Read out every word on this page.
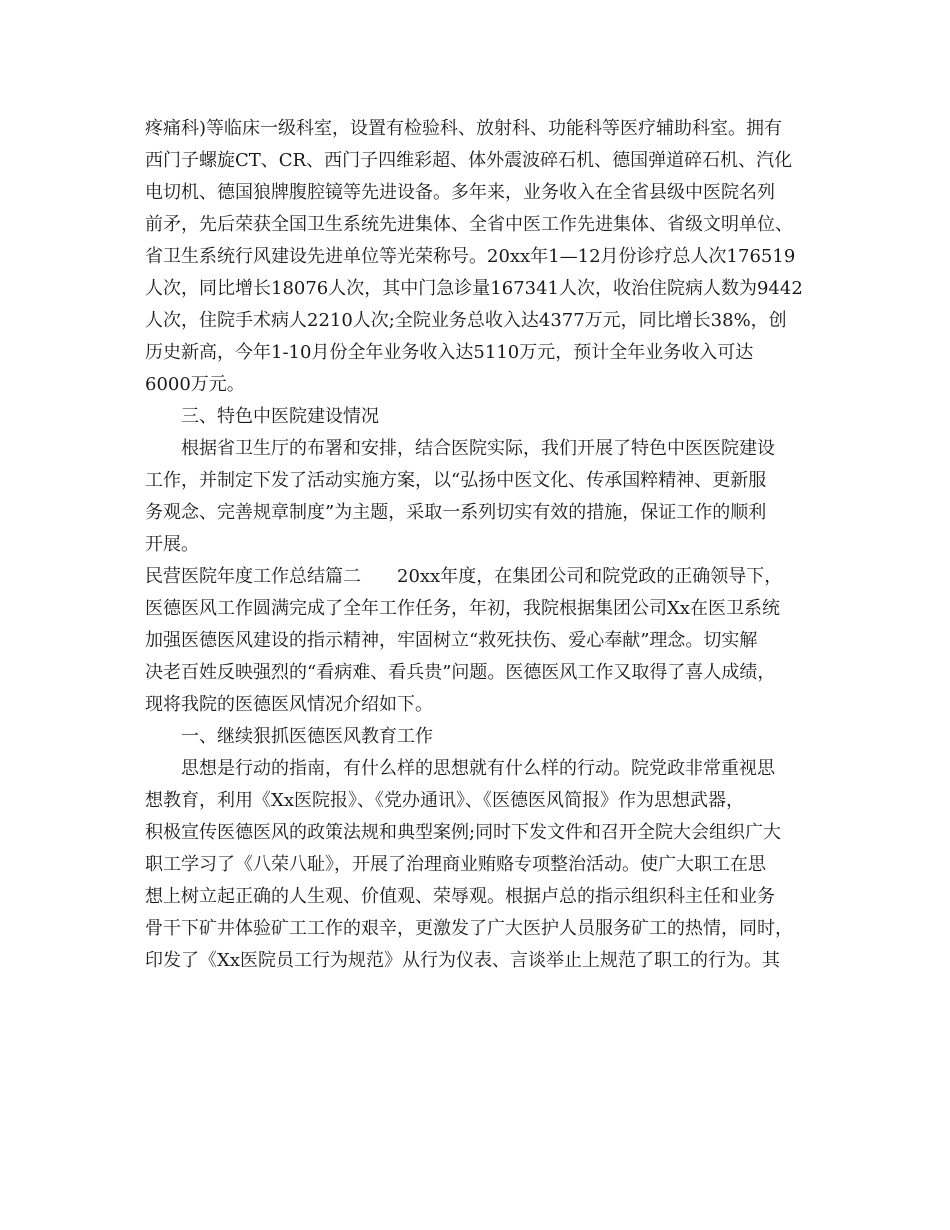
疼痛科)等临床一级科室，设置有检验科、放射科、功能科等医疗辅助科室。拥有
西门子螺旋CT、CR、西门子四维彩超、体外震波碎石机、德国弹道碎石机、汽化
电切机、德国狼牌腹腔镜等先进设备。多年来，业务收入在全省县级中医院名列
前矛，先后荣获全国卫生系统先进集体、全省中医工作先进集体、省级文明单位、
省卫生系统行风建设先进单位等光荣称号。20xx年1—12月份诊疗总人次176519
人次，同比增长18076人次，其中门急诊量167341人次，收治住院病人数为9442
人次，住院手术病人2210人次;全院业务总收入达4377万元，同比增长38%，创
历史新高，今年1-10月份全年业务收入达5110万元，预计全年业务收入可达
6000万元。
三、特色中医院建设情况
根据省卫生厅的布署和安排，结合医院实际，我们开展了特色中医医院建设
工作，并制定下发了活动实施方案，以“弘扬中医文化、传承国粹精神、更新服
务观念、完善规章制度”为主题，采取一系列切实有效的措施，保证工作的顺利
开展。
民营医院年度工作总结篇二　　20xx年度，在集团公司和院党政的正确领导下，
医德医风工作圆满完成了全年工作任务，年初，我院根据集团公司Xx在医卫系统
加强医德医风建设的指示精神，牢固树立“救死扶伤、爱心奉献”理念。切实解
决老百姓反映强烈的“看病难、看兵贵”问题。医德医风工作又取得了喜人成绩，
现将我院的医德医风情况介绍如下。
一、继续狠抓医德医风教育工作
思想是行动的指南，有什么样的思想就有什么样的行动。院党政非常重视思
想教育，利用《Xx医院报》、《党办通讯》、《医德医风简报》作为思想武器，
积极宣传医德医风的政策法规和典型案例;同时下发文件和召开全院大会组织广大
职工学习了《八荣八耻》，开展了治理商业贿赂专项整治活动。使广大职工在思
想上树立起正确的人生观、价值观、荣辱观。根据卢总的指示组织科主任和业务
骨干下矿井体验矿工工作的艰辛，更激发了广大医护人员服务矿工的热情，同时，
印发了《Xx医院员工行为规范》从行为仪表、言谈举止上规范了职工的行为。其
